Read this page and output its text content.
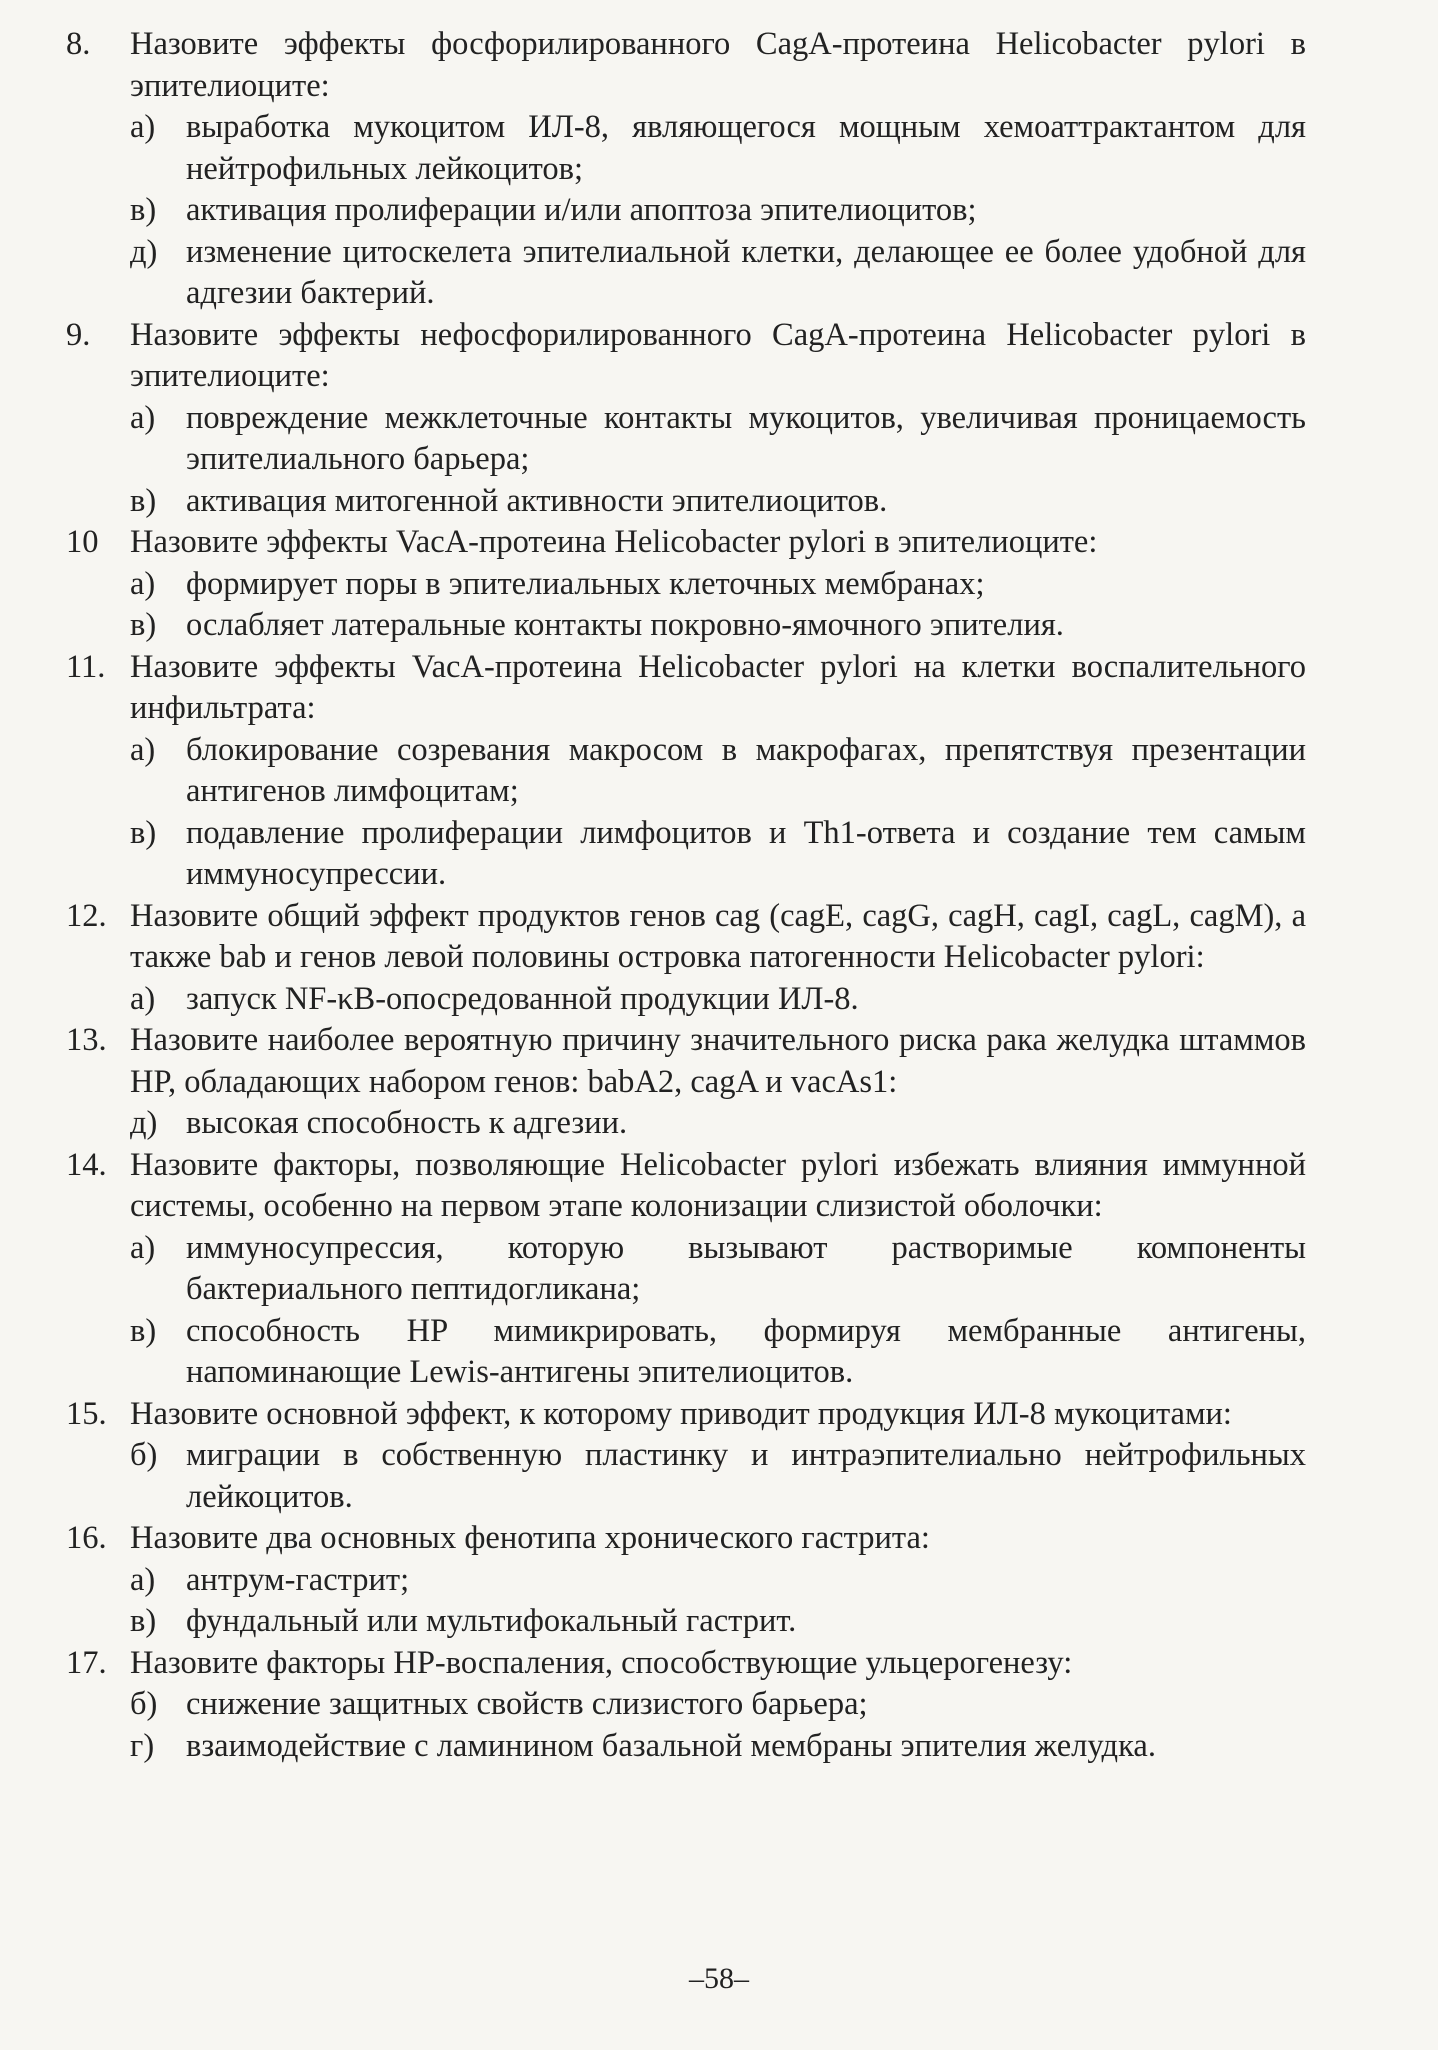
8.	Назовите эффекты фосфорилированного CagA-протеина Helicobacter pylori в эпителиоците:
а) выработка мукоцитом ИЛ-8, являющегося мощным хемоаттрактантом для нейтрофильных лейкоцитов;
в) активация пролиферации и/или апоптоза эпителиоцитов;
д) изменение цитоскелета эпителиальной клетки, делающее ее более удобной для адгезии бактерий.
9.	Назовите эффекты нефосфорилированного CagA-протеина Helicobacter pylori в эпителиоците:
а) повреждение межклеточные контакты мукоцитов, увеличивая проницаемость эпителиального барьера;
в) активация митогенной активности эпителиоцитов.
10 Назовите эффекты VacA-протеина Helicobacter pylori в эпителиоците:
а) формирует поры в эпителиальных клеточных мембранах;
в) ослабляет латеральные контакты покровно-ямочного эпителия.
11. Назовите эффекты VacA-протеина Helicobacter pylori на клетки воспалительного инфильтрата:
а) блокирование созревания макросом в макрофагах, препятствуя презентации антигенов лимфоцитам;
в) подавление пролиферации лимфоцитов и Th1-ответа и создание тем самым иммуносупрессии.
12. Назовите общий эффект продуктов генов cag (cagE, cagG, cagH, cagI, cagL, cagM), а также bab и генов левой половины островка патогенности Helicobacter pylori:
а) запуск NF-κB-опосредованной продукции ИЛ-8.
13. Назовите наиболее вероятную причину значительного риска рака желудка штаммов HP, обладающих набором генов: babA2, cagA и vacAs1:
д) высокая способность к адгезии.
14. Назовите факторы, позволяющие Helicobacter pylori избежать влияния иммунной системы, особенно на первом этапе колонизации слизистой оболочки:
а) иммуносупрессия, которую вызывают растворимые компоненты бактериального пептидогликана;
в) способность HP мимикрировать, формируя мембранные антигены, напоминающие Lewis-антигены эпителиоцитов.
15. Назовите основной эффект, к которому приводит продукция ИЛ-8 мукоцитами:
б) миграции в собственную пластинку и интраэпителиально нейтрофильных лейкоцитов.
16. Назовите два основных фенотипа хронического гастрита:
а) антрум-гастрит;
в) фундальный или мультифокальный гастрит.
17. Назовите факторы HP-воспаления, способствующие ульцерогенезу:
б) снижение защитных свойств слизистого барьера;
г) взаимодействие с ламинином базальной мембраны эпителия желудка.
–58–
